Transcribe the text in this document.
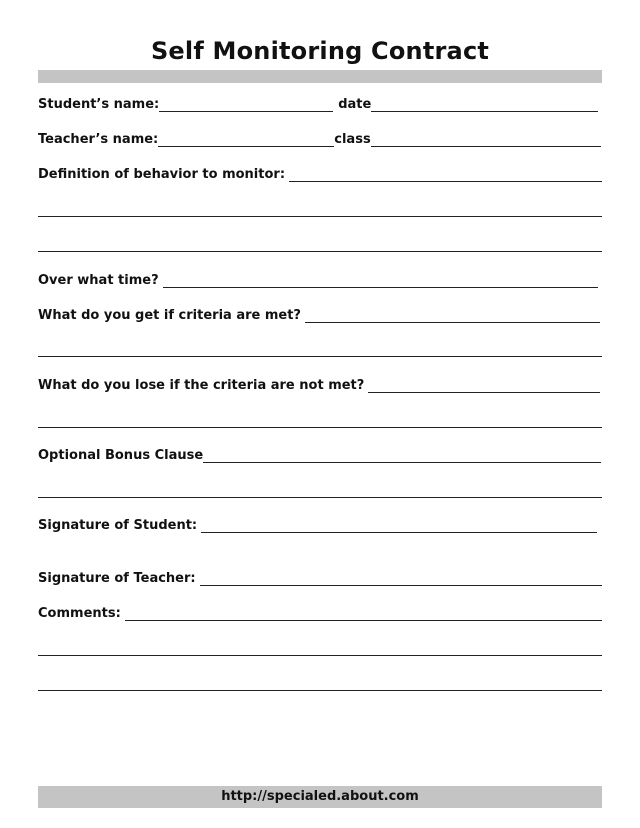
Self Monitoring Contract
Student’s name:	date
Teacher’s name:	class
Definition of behavior to monitor:
Over what time?
What do you get if criteria are met?
What do you lose if the criteria are not met?
Optional Bonus Clause
Signature of Student:
Signature of Teacher:
Comments:
http://specialed.about.com
